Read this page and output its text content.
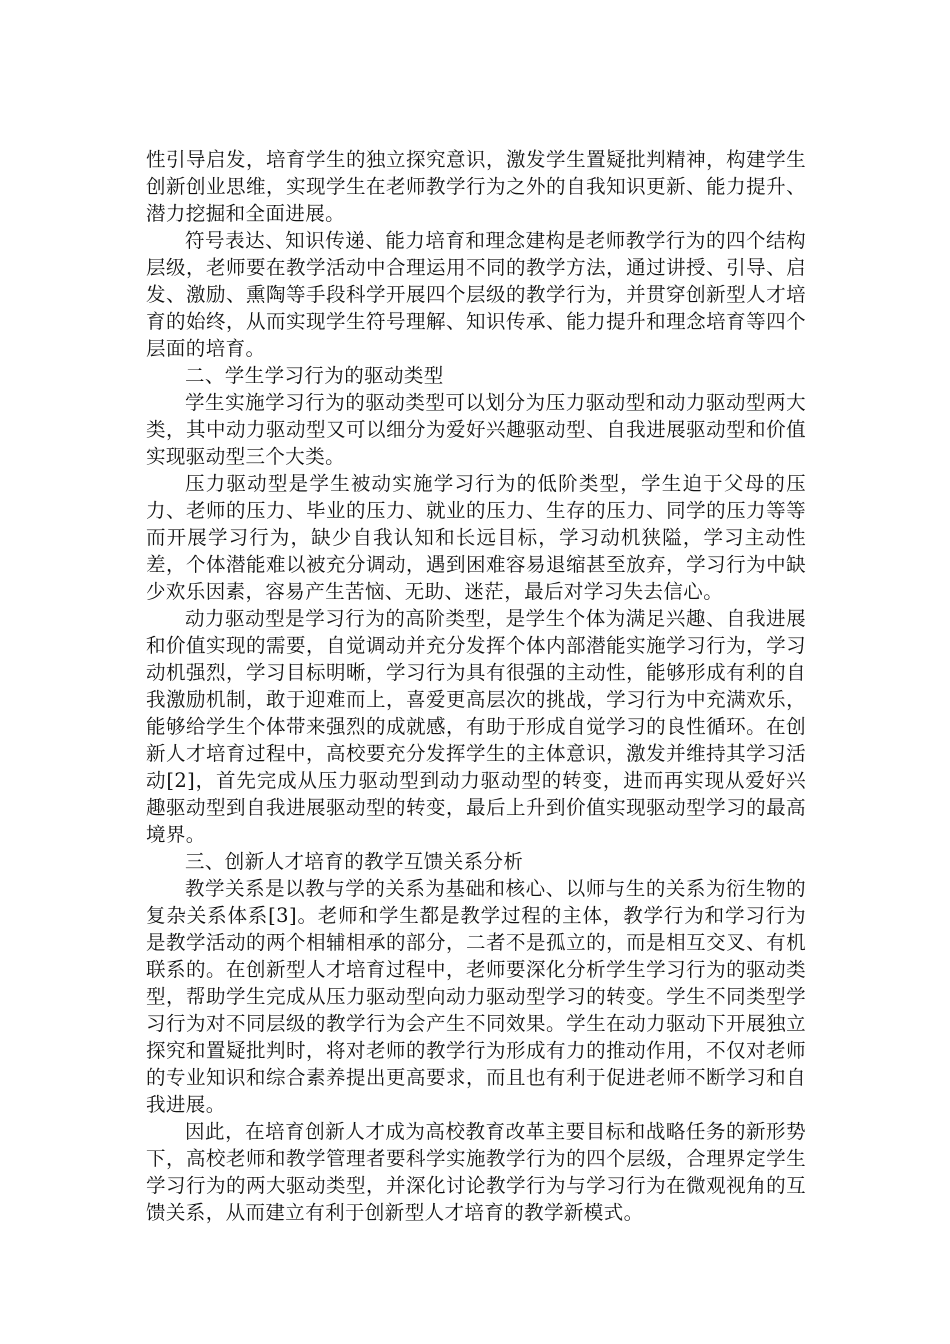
性引导启发，培育学生的独立探究意识，激发学生置疑批判精神，构建学生创新创业思维，实现学生在老师教学行为之外的自我知识更新、能力提升、潜力挖掘和全面进展。

符号表达、知识传递、能力培育和理念建构是老师教学行为的四个结构层级，老师要在教学活动中合理运用不同的教学方法，通过讲授、引导、启发、激励、熏陶等手段科学开展四个层级的教学行为，并贯穿创新型人才培育的始终，从而实现学生符号理解、知识传承、能力提升和理念培育等四个层面的培育。

二、学生学习行为的驱动类型

学生实施学习行为的驱动类型可以划分为压力驱动型和动力驱动型两大类，其中动力驱动型又可以细分为爱好兴趣驱动型、自我进展驱动型和价值实现驱动型三个大类。

压力驱动型是学生被动实施学习行为的低阶类型，学生迫于父母的压力、老师的压力、毕业的压力、就业的压力、生存的压力、同学的压力等等而开展学习行为，缺少自我认知和长远目标，学习动机狭隘，学习主动性差，个体潜能难以被充分调动，遇到困难容易退缩甚至放弃，学习行为中缺少欢乐因素，容易产生苦恼、无助、迷茫，最后对学习失去信心。

动力驱动型是学习行为的高阶类型，是学生个体为满足兴趣、自我进展和价值实现的需要，自觉调动并充分发挥个体内部潜能实施学习行为，学习动机强烈，学习目标明晰，学习行为具有很强的主动性，能够形成有利的自我激励机制，敢于迎难而上，喜爱更高层次的挑战，学习行为中充满欢乐，能够给学生个体带来强烈的成就感，有助于形成自觉学习的良性循环。在创新人才培育过程中，高校要充分发挥学生的主体意识，激发并维持其学习活动[2]，首先完成从压力驱动型到动力驱动型的转变，进而再实现从爱好兴趣驱动型到自我进展驱动型的转变，最后上升到价值实现驱动型学习的最高境界。

三、创新人才培育的教学互馈关系分析

教学关系是以教与学的关系为基础和核心、以师与生的关系为衍生物的复杂关系体系[3]。老师和学生都是教学过程的主体，教学行为和学习行为是教学活动的两个相辅相承的部分，二者不是孤立的，而是相互交叉、有机联系的。在创新型人才培育过程中，老师要深化分析学生学习行为的驱动类型，帮助学生完成从压力驱动型向动力驱动型学习的转变。学生不同类型学习行为对不同层级的教学行为会产生不同效果。学生在动力驱动下开展独立探究和置疑批判时，将对老师的教学行为形成有力的推动作用，不仅对老师的专业知识和综合素养提出更高要求，而且也有利于促进老师不断学习和自我进展。

因此，在培育创新人才成为高校教育改革主要目标和战略任务的新形势下，高校老师和教学管理者要科学实施教学行为的四个层级，合理界定学生学习行为的两大驱动类型，并深化讨论教学行为与学习行为在微观视角的互馈关系，从而建立有利于创新型人才培育的教学新模式。
